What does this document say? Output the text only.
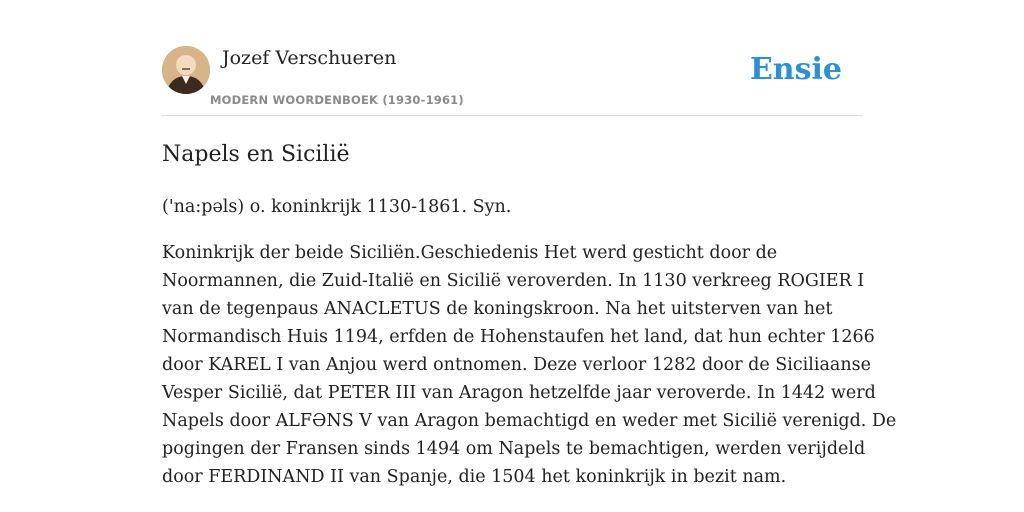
Jozef Verschueren
MODERN WOORDENBOEK (1930-1961)
Ensie
Napels en Sicilië

('na:pəls) o. koninkrijk 1130-1861. Syn.

Koninkrijk der beide Siciliën.Geschiedenis Het werd gesticht door de
Noormannen, die Zuid-Italië en Sicilië veroverden. In 1130 verkreeg ROGIER I
van de tegenpaus ANACLETUS de koningskroon. Na het uitsterven van het
Normandisch Huis 1194, erfden de Hohenstaufen het land, dat hun echter 1266
door KAREL I van Anjou werd ontnomen. Deze verloor 1282 door de Siciliaanse
Vesper Sicilië, dat PETER III van Aragon hetzelfde jaar veroverde. In 1442 werd
Napels door ALFƏNS V van Aragon bemachtigd en weder met Sicilië verenigd. De
pogingen der Fransen sinds 1494 om Napels te bemachtigen, werden verijdeld
door FERDINAND II van Spanje, die 1504 het koninkrijk in bezit nam.
